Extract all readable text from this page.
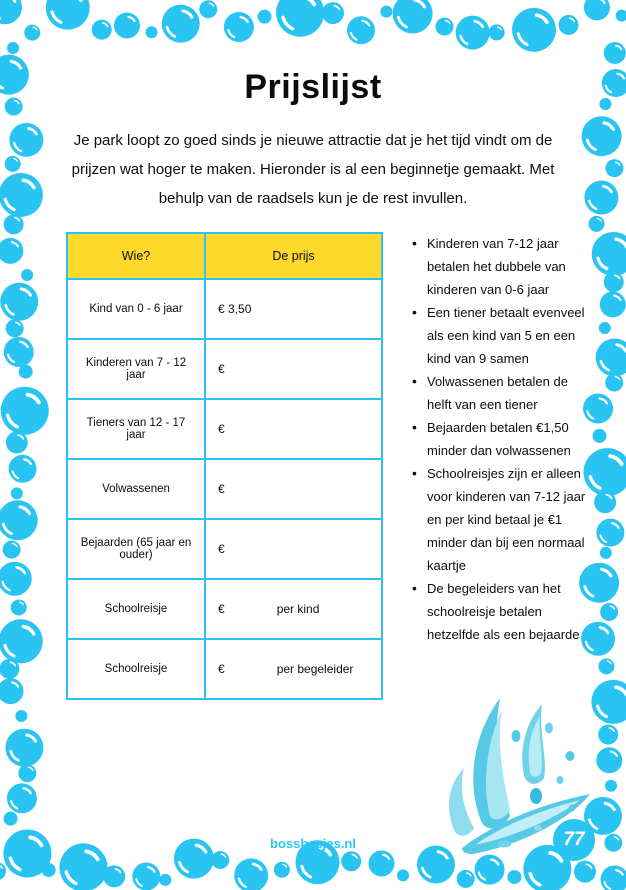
Prijslijst
Je park loopt zo goed sinds je nieuwe attractie dat je het tijd vindt om de prijzen wat hoger te maken. Hieronder is al een beginnetje gemaakt. Met behulp van de raadsels kun je de rest invullen.
Wie?	De prijs
Kind van 0 - 6 jaar	€ 3,50
Kinderen van 7 - 12 jaar	€
Tieners van 12 - 17 jaar	€
Volwassenen	€
Bejaarden (65 jaar en ouder)	€
Schoolreisje	€ per kind
Schoolreisje	€ per begeleider
• Kinderen van 7-12 jaar betalen het dubbele van kinderen van 0-6 jaar
• Een tiener betaalt evenveel als een kind van 5 en een kind van 9 samen
• Volwassenen betalen de helft van een tiener
• Bejaarden betalen €1,50 minder dan volwassenen
• Schoolreisjes zijn er alleen voor kinderen van 7-12 jaar en per kind betaal je €1 minder dan bij een normaal kaartje
• De begeleiders van het schoolreisje betalen hetzelfde als een bejaarde
bossbesjes.nl	77
